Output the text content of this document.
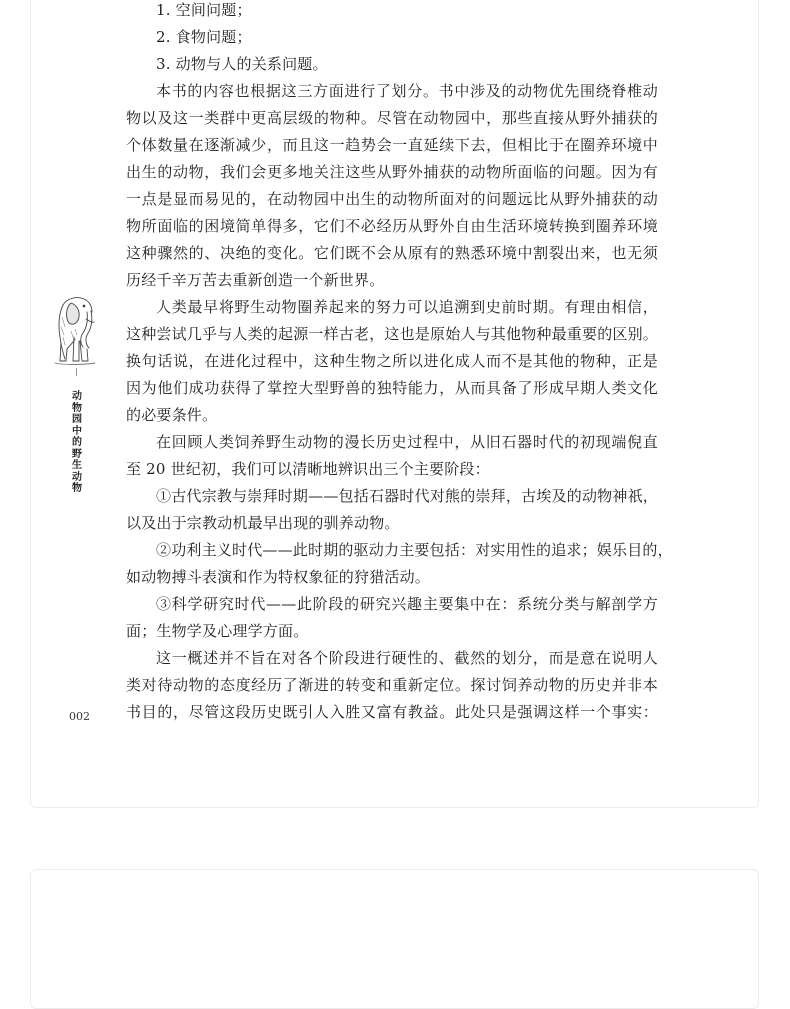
1. 空间问题；
2. 食物问题；
3. 动物与人的关系问题。
本书的内容也根据这三方面进行了划分。书中涉及的动物优先围绕脊椎动
物以及这一类群中更高层级的物种。尽管在动物园中，那些直接从野外捕获的
个体数量在逐渐减少，而且这一趋势会一直延续下去，但相比于在圈养环境中
出生的动物，我们会更多地关注这些从野外捕获的动物所面临的问题。因为有
一点是显而易见的，在动物园中出生的动物所面对的问题远比从野外捕获的动
物所面临的困境简单得多，它们不必经历从野外自由生活环境转换到圈养环境
这种骤然的、决绝的变化。它们既不会从原有的熟悉环境中割裂出来，也无须
历经千辛万苦去重新创造一个新世界。
人类最早将野生动物圈养起来的努力可以追溯到史前时期。有理由相信，
这种尝试几乎与人类的起源一样古老，这也是原始人与其他物种最重要的区别。
换句话说，在进化过程中，这种生物之所以进化成人而不是其他的物种，正是
因为他们成功获得了掌控大型野兽的独特能力，从而具备了形成早期人类文化
的必要条件。
在回顾人类饲养野生动物的漫长历史过程中，从旧石器时代的初现端倪直
至 20 世纪初，我们可以清晰地辨识出三个主要阶段：
①古代宗教与崇拜时期——包括石器时代对熊的崇拜，古埃及的动物神祇，
以及出于宗教动机最早出现的驯养动物。
②功利主义时代——此时期的驱动力主要包括：对实用性的追求；娱乐目的，
如动物搏斗表演和作为特权象征的狩猎活动。
③科学研究时代——此阶段的研究兴趣主要集中在：系统分类与解剖学方
面；生物学及心理学方面。
这一概述并不旨在对各个阶段进行硬性的、截然的划分，而是意在说明人
类对待动物的态度经历了渐进的转变和重新定位。探讨饲养动物的历史并非本
书目的，尽管这段历史既引人入胜又富有教益。此处只是强调这样一个事实：
动物园中的野生动物
002
